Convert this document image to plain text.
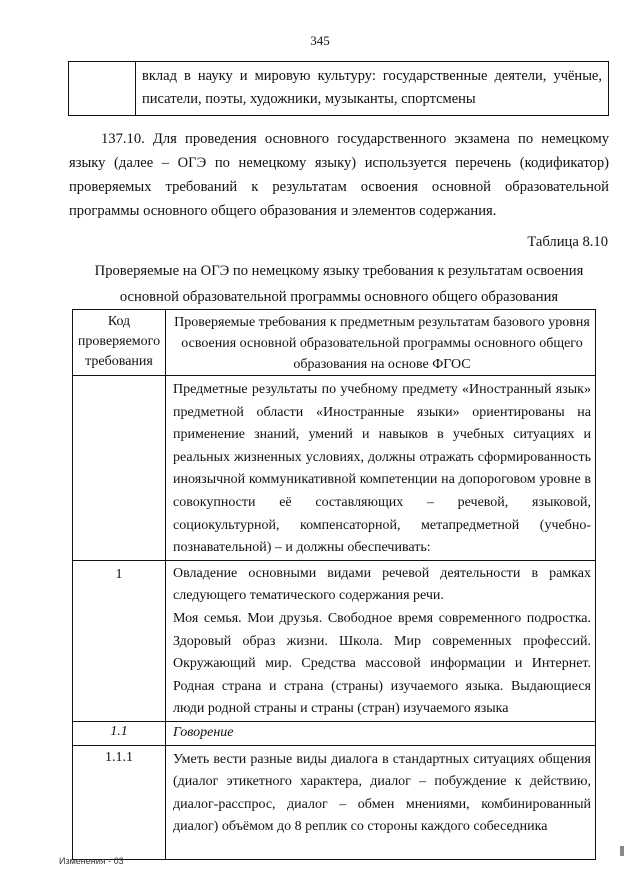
345
	вклад в науку и мировую культуру: государственные деятели, учёные, писатели, поэты, художники, музыканты, спортсмены
137.10. Для проведения основного государственного экзамена по немецкому языку (далее – ОГЭ по немецкому языку) используется перечень (кодификатор) проверяемых требований к результатам освоения основной образовательной программы основного общего образования и элементов содержания.
Таблица 8.10
Проверяемые на ОГЭ по немецкому языку требования к результатам освоения основной образовательной программы основного общего образования
Код проверяемого требования	Проверяемые требования к предметным результатам базового уровня освоения основной образовательной программы основного общего образования на основе ФГОС
	Предметные результаты по учебному предмету «Иностранный язык» предметной области «Иностранные языки» ориентированы на применение знаний, умений и навыков в учебных ситуациях и реальных жизненных условиях, должны отражать сформированность иноязычной коммуникативной компетенции на допороговом уровне в совокупности её составляющих – речевой, языковой, социокультурной, компенсаторной, метапредметной (учебно-познавательной) – и должны обеспечивать:
1	Овладение основными видами речевой деятельности в рамках следующего тематического содержания речи.
Моя семья. Мои друзья. Свободное время современного подростка. Здоровый образ жизни. Школа. Мир современных профессий. Окружающий мир. Средства массовой информации и Интернет. Родная страна и страна (страны) изучаемого языка. Выдающиеся люди родной страны и страны (стран) изучаемого языка

1.1	Говорение
1.1.1	Уметь вести разные виды диалога в стандартных ситуациях общения (диалог этикетного характера, диалог – побуждение к действию, диалог-расспрос, диалог – обмен мнениями, комбинированный диалог) объёмом до 8 реплик со стороны каждого собеседника
Изменения - 03
